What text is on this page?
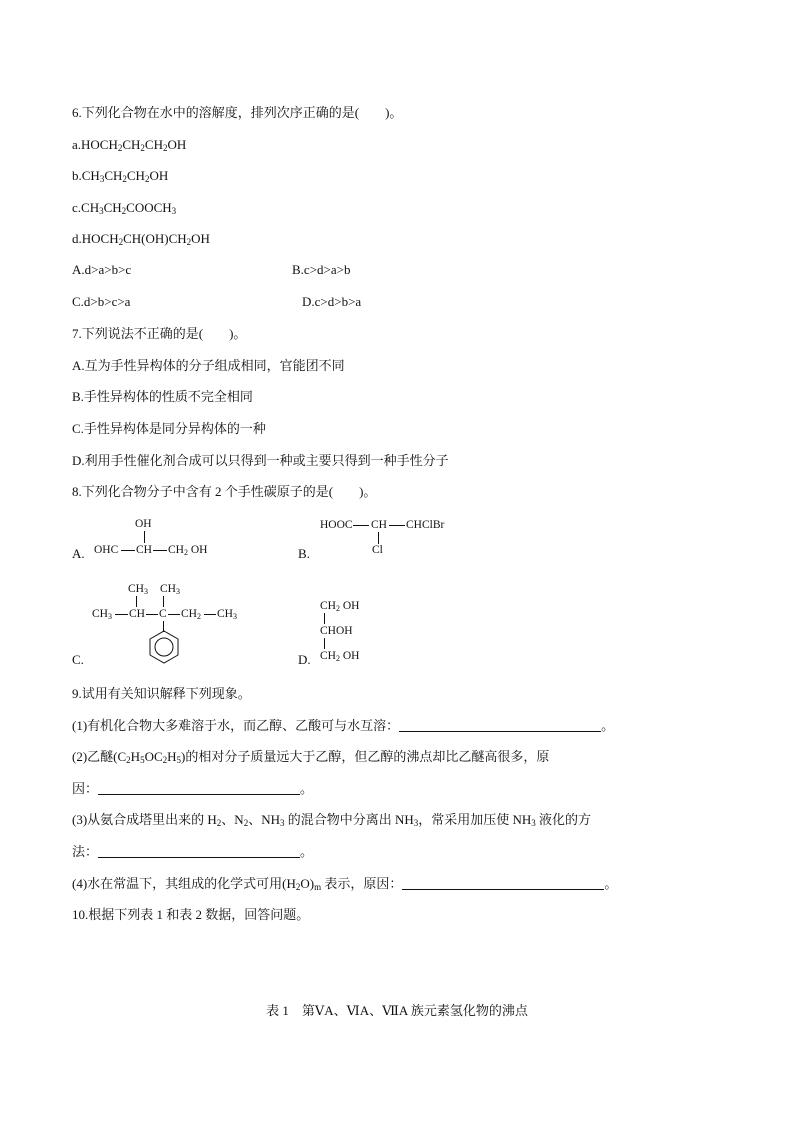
6.下列化合物在水中的溶解度，排列次序正确的是(　　)。
$a.HOCH_2CH_2CH_2OH$
$b.CH_3CH_2CH_2OH$
$c.CH_3CH_2COOCH_3$
$d.HOCH_2CH(OH)CH_2OH$
A.d>a>b>c	B.c>d>a>b
C.d>b>c>a	D.c>d>b>a
7.下列说法不正确的是(　　)。
A.互为手性异构体的分子组成相同，官能团不同
B.手性异构体的性质不完全相同
C.手性异构体是同分异构体的一种
D.利用手性催化剂合成可以只得到一种或主要只得到一种手性分子
8.下列化合物分子中含有 2 个手性碳原子的是(　　)。
A.
OH
OHC CH $CH_2$ OH	B.
HOOC CH CHClBr
Cl
C.
$CH_3$ $CH_3$
$CH_3$ CH C $CH_2$ $CH_3$
D.
$CH_2$ OH
CHOH
$CH_2$ OH
9.试用有关知识解释下列现象。
(1)有机化合物大多难溶于水，而乙醇、乙酸可与水互溶：	。
(2)乙醚$(C_2H_5OC_2H_5)$的相对分子质量远大于乙醇，但乙醇的沸点却比乙醚高很多，原
因：	。
(3)从氨合成塔里出来的 $H_2$、$N_2$、$NH_3$ 的混合物中分离出 $NH_3$，常采用加压使 $NH_3$ 液化的方
法：	。
(4)水在常温下，其组成的化学式可用$(H_2O)_m$ 表示，原因：	。
10.根据下列表 1 和表 2 数据，回答问题。
表 1　第ⅤA、ⅥA、ⅦA 族元素氢化物的沸点
